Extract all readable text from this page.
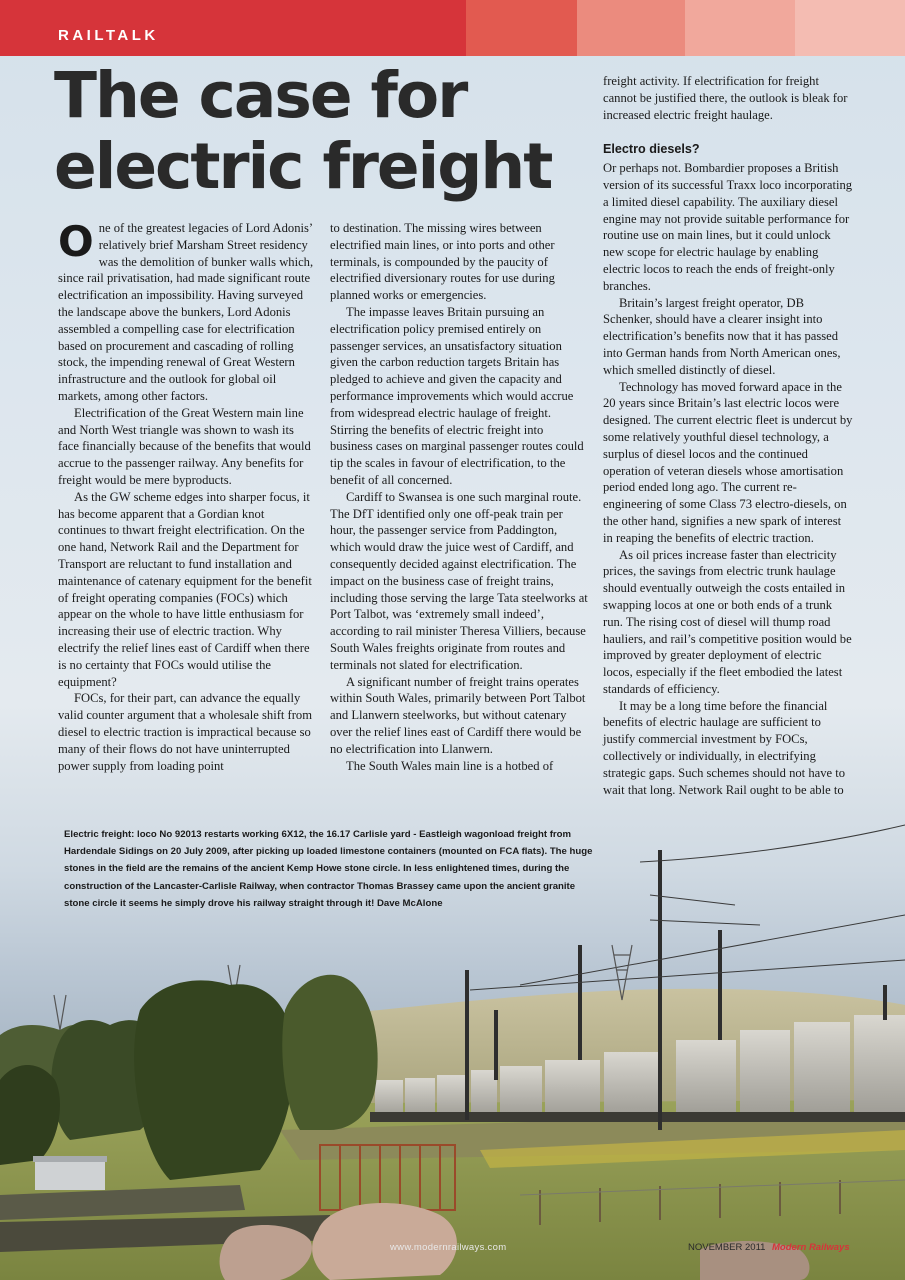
RAILTALK
The case for electric freight

One of the greatest legacies of Lord Adonis’ relatively brief Marsham Street residency was the demolition of bunker walls which, since rail privatisation, had made significant route electrification an impossibility. Having surveyed the landscape above the bunkers, Lord Adonis assembled a compelling case for electrification based on procurement and cascading of rolling stock, the impending renewal of Great Western infrastructure and the outlook for global oil markets, among other factors.

Electrification of the Great Western main line and North West triangle was shown to wash its face financially because of the benefits that would accrue to the passenger railway. Any benefits for freight would be mere byproducts.

As the GW scheme edges into sharper focus, it has become apparent that a Gordian knot continues to thwart freight electrification. On the one hand, Network Rail and the Department for Transport are reluctant to fund installation and maintenance of catenary equipment for the benefit of freight operating companies (FOCs) which appear on the whole to have little enthusiasm for increasing their use of electric traction. Why electrify the relief lines east of Cardiff when there is no certainty that FOCs would utilise the equipment?

FOCs, for their part, can advance the equally valid counter argument that a wholesale shift from diesel to electric traction is impractical because so many of their flows do not have uninterrupted power supply from loading point

to destination. The missing wires between electrified main lines, or into ports and other terminals, is compounded by the paucity of electrified diversionary routes for use during planned works or emergencies.

The impasse leaves Britain pursuing an electrification policy premised entirely on passenger services, an unsatisfactory situation given the carbon reduction targets Britain has pledged to achieve and given the capacity and performance improvements which would accrue from widespread electric haulage of freight. Stirring the benefits of electric freight into business cases on marginal passenger routes could tip the scales in favour of electrification, to the benefit of all concerned.

Cardiff to Swansea is one such marginal route. The DfT identified only one off-peak train per hour, the passenger service from Paddington, which would draw the juice west of Cardiff, and consequently decided against electrification. The impact on the business case of freight trains, including those serving the large Tata steelworks at Port Talbot, was ‘extremely small indeed’, according to rail minister Theresa Villiers, because South Wales freights originate from routes and terminals not slated for electrification.

A significant number of freight trains operates within South Wales, primarily between Port Talbot and Llanwern steelworks, but without catenary over the relief lines east of Cardiff there would be no electrification into Llanwern.

The South Wales main line is a hotbed of

freight activity. If electrification for freight cannot be justified there, the outlook is bleak for increased electric freight haulage.

Electro diesels?

Or perhaps not. Bombardier proposes a British version of its successful Traxx loco incorporating a limited diesel capability. The auxiliary diesel engine may not provide suitable performance for routine use on main lines, but it could unlock new scope for electric haulage by enabling electric locos to reach the ends of freight-only branches.

Britain’s largest freight operator, DB Schenker, should have a clearer insight into electrification’s benefits now that it has passed into German hands from North American ones, which smelled distinctly of diesel.

Technology has moved forward apace in the 20 years since Britain’s last electric locos were designed. The current electric fleet is undercut by some relatively youthful diesel technology, a surplus of diesel locos and the continued operation of veteran diesels whose amortisation period ended long ago. The current re-engineering of some Class 73 electro-diesels, on the other hand, signifies a new spark of interest in reaping the benefits of electric traction.

As oil prices increase faster than electricity prices, the savings from electric trunk haulage should eventually outweigh the costs entailed in swapping locos at one or both ends of a trunk run. The rising cost of diesel will thump road hauliers, and rail’s competitive position would be improved by greater deployment of electric locos, especially if the fleet embodied the latest standards of efficiency.

It may be a long time before the financial benefits of electric haulage are sufficient to justify commercial investment by FOCs, collectively or individually, in electrifying strategic gaps. Such schemes should not have to wait that long. Network Rail ought to be able to

Electric freight: loco No 92013 restarts working 6X12, the 16.17 Carlisle yard - Eastleigh wagonload freight from Hardendale Sidings on 20 July 2009, after picking up loaded limestone containers (mounted on FCA flats). The huge stones in the field are the remains of the ancient Kemp Howe stone circle. In less enlightened times, during the construction of the Lancaster-Carlisle Railway, when contractor Thomas Brassey came upon the ancient granite stone circle it seems he simply drove his railway straight through it! Dave McAlone

www.modernrailways.com	NOVEMBER 2011 Modern Railways
